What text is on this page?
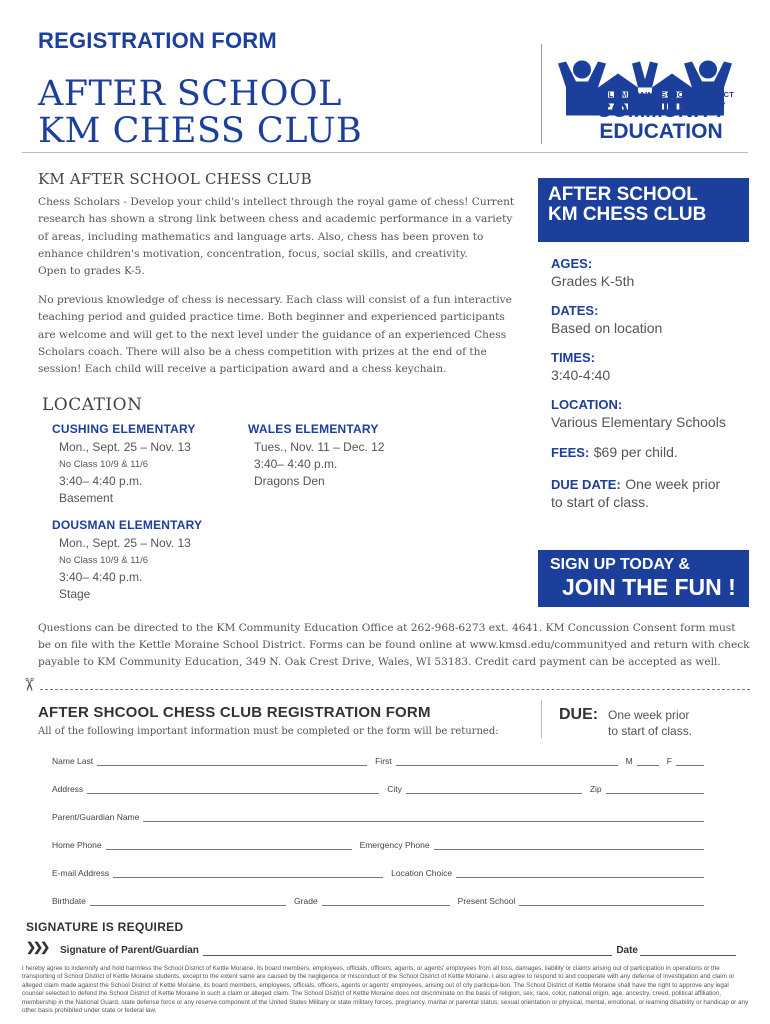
REGISTRATION FORM
AFTER SCHOOL
KM CHESS CLUB
KETTLE MORAINE SCHOOL DISTRICT
COMMUNITY
EDUCATION
KM AFTER SCHOOL CHESS CLUB
Chess Scholars - Develop your child's intellect through the royal game of chess! Current research has shown a strong link between chess and academic performance in a variety of areas, including mathematics and language arts. Also, chess has been proven to enhance children's motivation, concentration, focus, social skills, and creativity.
Open to grades K-5.
No previous knowledge of chess is necessary. Each class will consist of a fun interactive teaching period and guided practice time. Both beginner and experienced participants are welcome and will get to the next level under the guidance of an experienced Chess Scholars coach. There will also be a chess competition with prizes at the end of the session! Each child will receive a participation award and a chess keychain.
LOCATION
CUSHING ELEMENTARY
Mon., Sept. 25 – Nov. 13
No Class 10/9 & 11/6
3:40– 4:40 p.m.
Basement
WALES ELEMENTARY
Tues., Nov. 11 – Dec. 12
3:40– 4:40 p.m.
Dragons Den
DOUSMAN ELEMENTARY
Mon., Sept. 25 – Nov. 13
No Class 10/9 & 11/6
3:40– 4:40 p.m.
Stage
AFTER SCHOOL
KM CHESS CLUB
AGES:
Grades K-5th
DATES:
Based on location
TIMES:
3:40-4:40
LOCATION:
Various Elementary Schools
FEES: $69 per child.
DUE DATE: One week prior
to start of class.
SIGN UP TODAY &
JOIN THE FUN !
Questions can be directed to the KM Community Education Office at 262-968-6273 ext. 4641. KM Concussion Consent form must be on file with the Kettle Moraine School District. Forms can be found online at www.kmsd.edu/communityed and return with check payable to KM Community Education, 349 N. Oak Crest Drive, Wales, WI 53183. Credit card payment can be accepted as well.
✂
AFTER SHCOOL CHESS CLUB REGISTRATION FORM
All of the following important information must be completed or the form will be returned:
DUE: One week prior
to start of class.
Name Last	First	M	F
Address	City	Zip
Parent/Guardian Name
Home Phone	Emergency Phone
E-mail Address	Location Choice
Birthdate	Grade	Present School
SIGNATURE IS REQUIRED
❯❯❯ Signature of Parent/Guardian	Date
I hereby agree to indemnify and hold harmless the School District of Kettle Moraine, its board members, employees, officials, officers, agents, or agents' employees from all loss, damages, liability or claims arising out of participation in operations or the transporting of School District of Kettle Moraine students, except to the extent same are caused by the negligence or misconduct of the School District of Kettle Moraine. I also agree to respond to and cooperate with any defense of investigation and claim or alleged claim made against the School District of Kettle Moraine, its board members, employees, officials, officers, agents or agents' employees, arising out of city participa-tion. The School District of Kettle Moraine shall have the right to approve any legal counsel selected to defend the School District of Kettle Moraine in such a claim or alleged claim. The School District of Kettle Moraine does not discriminate on the basis of religion, sex, race, color, national origin, age, ancestry, creed, political affiliation, membership in the National Guard, state defense force or any reserve component of the United States Military or state military forces, pregnancy, marital or parental status, sexual orientation or physical, mental, emotional, or learning disability or handicap or any other basis prohibited under state or federal law.
